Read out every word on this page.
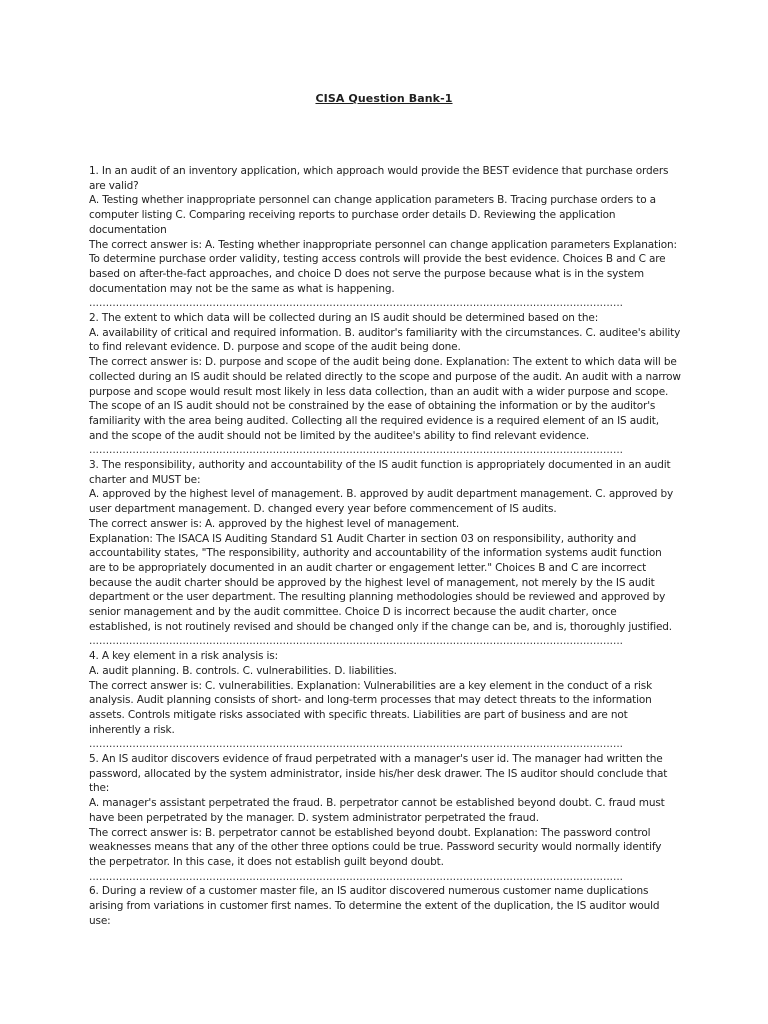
CISA Question Bank-1

1. In an audit of an inventory application, which approach would provide the BEST evidence that purchase orders are valid?

A. Testing whether inappropriate personnel can change application parameters B. Tracing purchase orders to a computer listing C. Comparing receiving reports to purchase order details D. Reviewing the application documentation

The correct answer is: A. Testing whether inappropriate personnel can change application parameters Explanation: To determine purchase order validity, testing access controls will provide the best evidence. Choices B and C are based on after-the-fact approaches, and choice D does not serve the purpose because what is in the system documentation may not be the same as what is happening.

................................................................................................................................................................

2. The extent to which data will be collected during an IS audit should be determined based on the:

A. availability of critical and required information. B. auditor's familiarity with the circumstances. C. auditee's ability to find relevant evidence. D. purpose and scope of the audit being done.

The correct answer is: D. purpose and scope of the audit being done. Explanation: The extent to which data will be collected during an IS audit should be related directly to the scope and purpose of the audit. An audit with a narrow purpose and scope would result most likely in less data collection, than an audit with a wider purpose and scope. The scope of an IS audit should not be constrained by the ease of obtaining the information or by the auditor's familiarity with the area being audited. Collecting all the required evidence is a required element of an IS audit, and the scope of the audit should not be limited by the auditee's ability to find relevant evidence.

................................................................................................................................................................

3. The responsibility, authority and accountability of the IS audit function is appropriately documented in an audit charter and MUST be:

A. approved by the highest level of management. B. approved by audit department management. C. approved by user department management. D. changed every year before commencement of IS audits.

The correct answer is: A. approved by the highest level of management.

Explanation: The ISACA IS Auditing Standard S1 Audit Charter in section 03 on responsibility, authority and accountability states, "The responsibility, authority and accountability of the information systems audit function are to be appropriately documented in an audit charter or engagement letter." Choices B and C are incorrect because the audit charter should be approved by the highest level of management, not merely by the IS audit department or the user department. The resulting planning methodologies should be reviewed and approved by senior management and by the audit committee. Choice D is incorrect because the audit charter, once established, is not routinely revised and should be changed only if the change can be, and is, thoroughly justified.

................................................................................................................................................................

4. A key element in a risk analysis is:

A. audit planning. B. controls. C. vulnerabilities. D. liabilities.

The correct answer is: C. vulnerabilities. Explanation: Vulnerabilities are a key element in the conduct of a risk analysis. Audit planning consists of short- and long-term processes that may detect threats to the information assets. Controls mitigate risks associated with specific threats. Liabilities are part of business and are not inherently a risk.

................................................................................................................................................................

5. An IS auditor discovers evidence of fraud perpetrated with a manager's user id. The manager had written the password, allocated by the system administrator, inside his/her desk drawer. The IS auditor should conclude that the:

A. manager's assistant perpetrated the fraud. B. perpetrator cannot be established beyond doubt. C. fraud must have been perpetrated by the manager. D. system administrator perpetrated the fraud.

The correct answer is: B. perpetrator cannot be established beyond doubt. Explanation: The password control weaknesses means that any of the other three options could be true. Password security would normally identify the perpetrator. In this case, it does not establish guilt beyond doubt.

................................................................................................................................................................

6. During a review of a customer master file, an IS auditor discovered numerous customer name duplications arising from variations in customer first names. To determine the extent of the duplication, the IS auditor would use:
